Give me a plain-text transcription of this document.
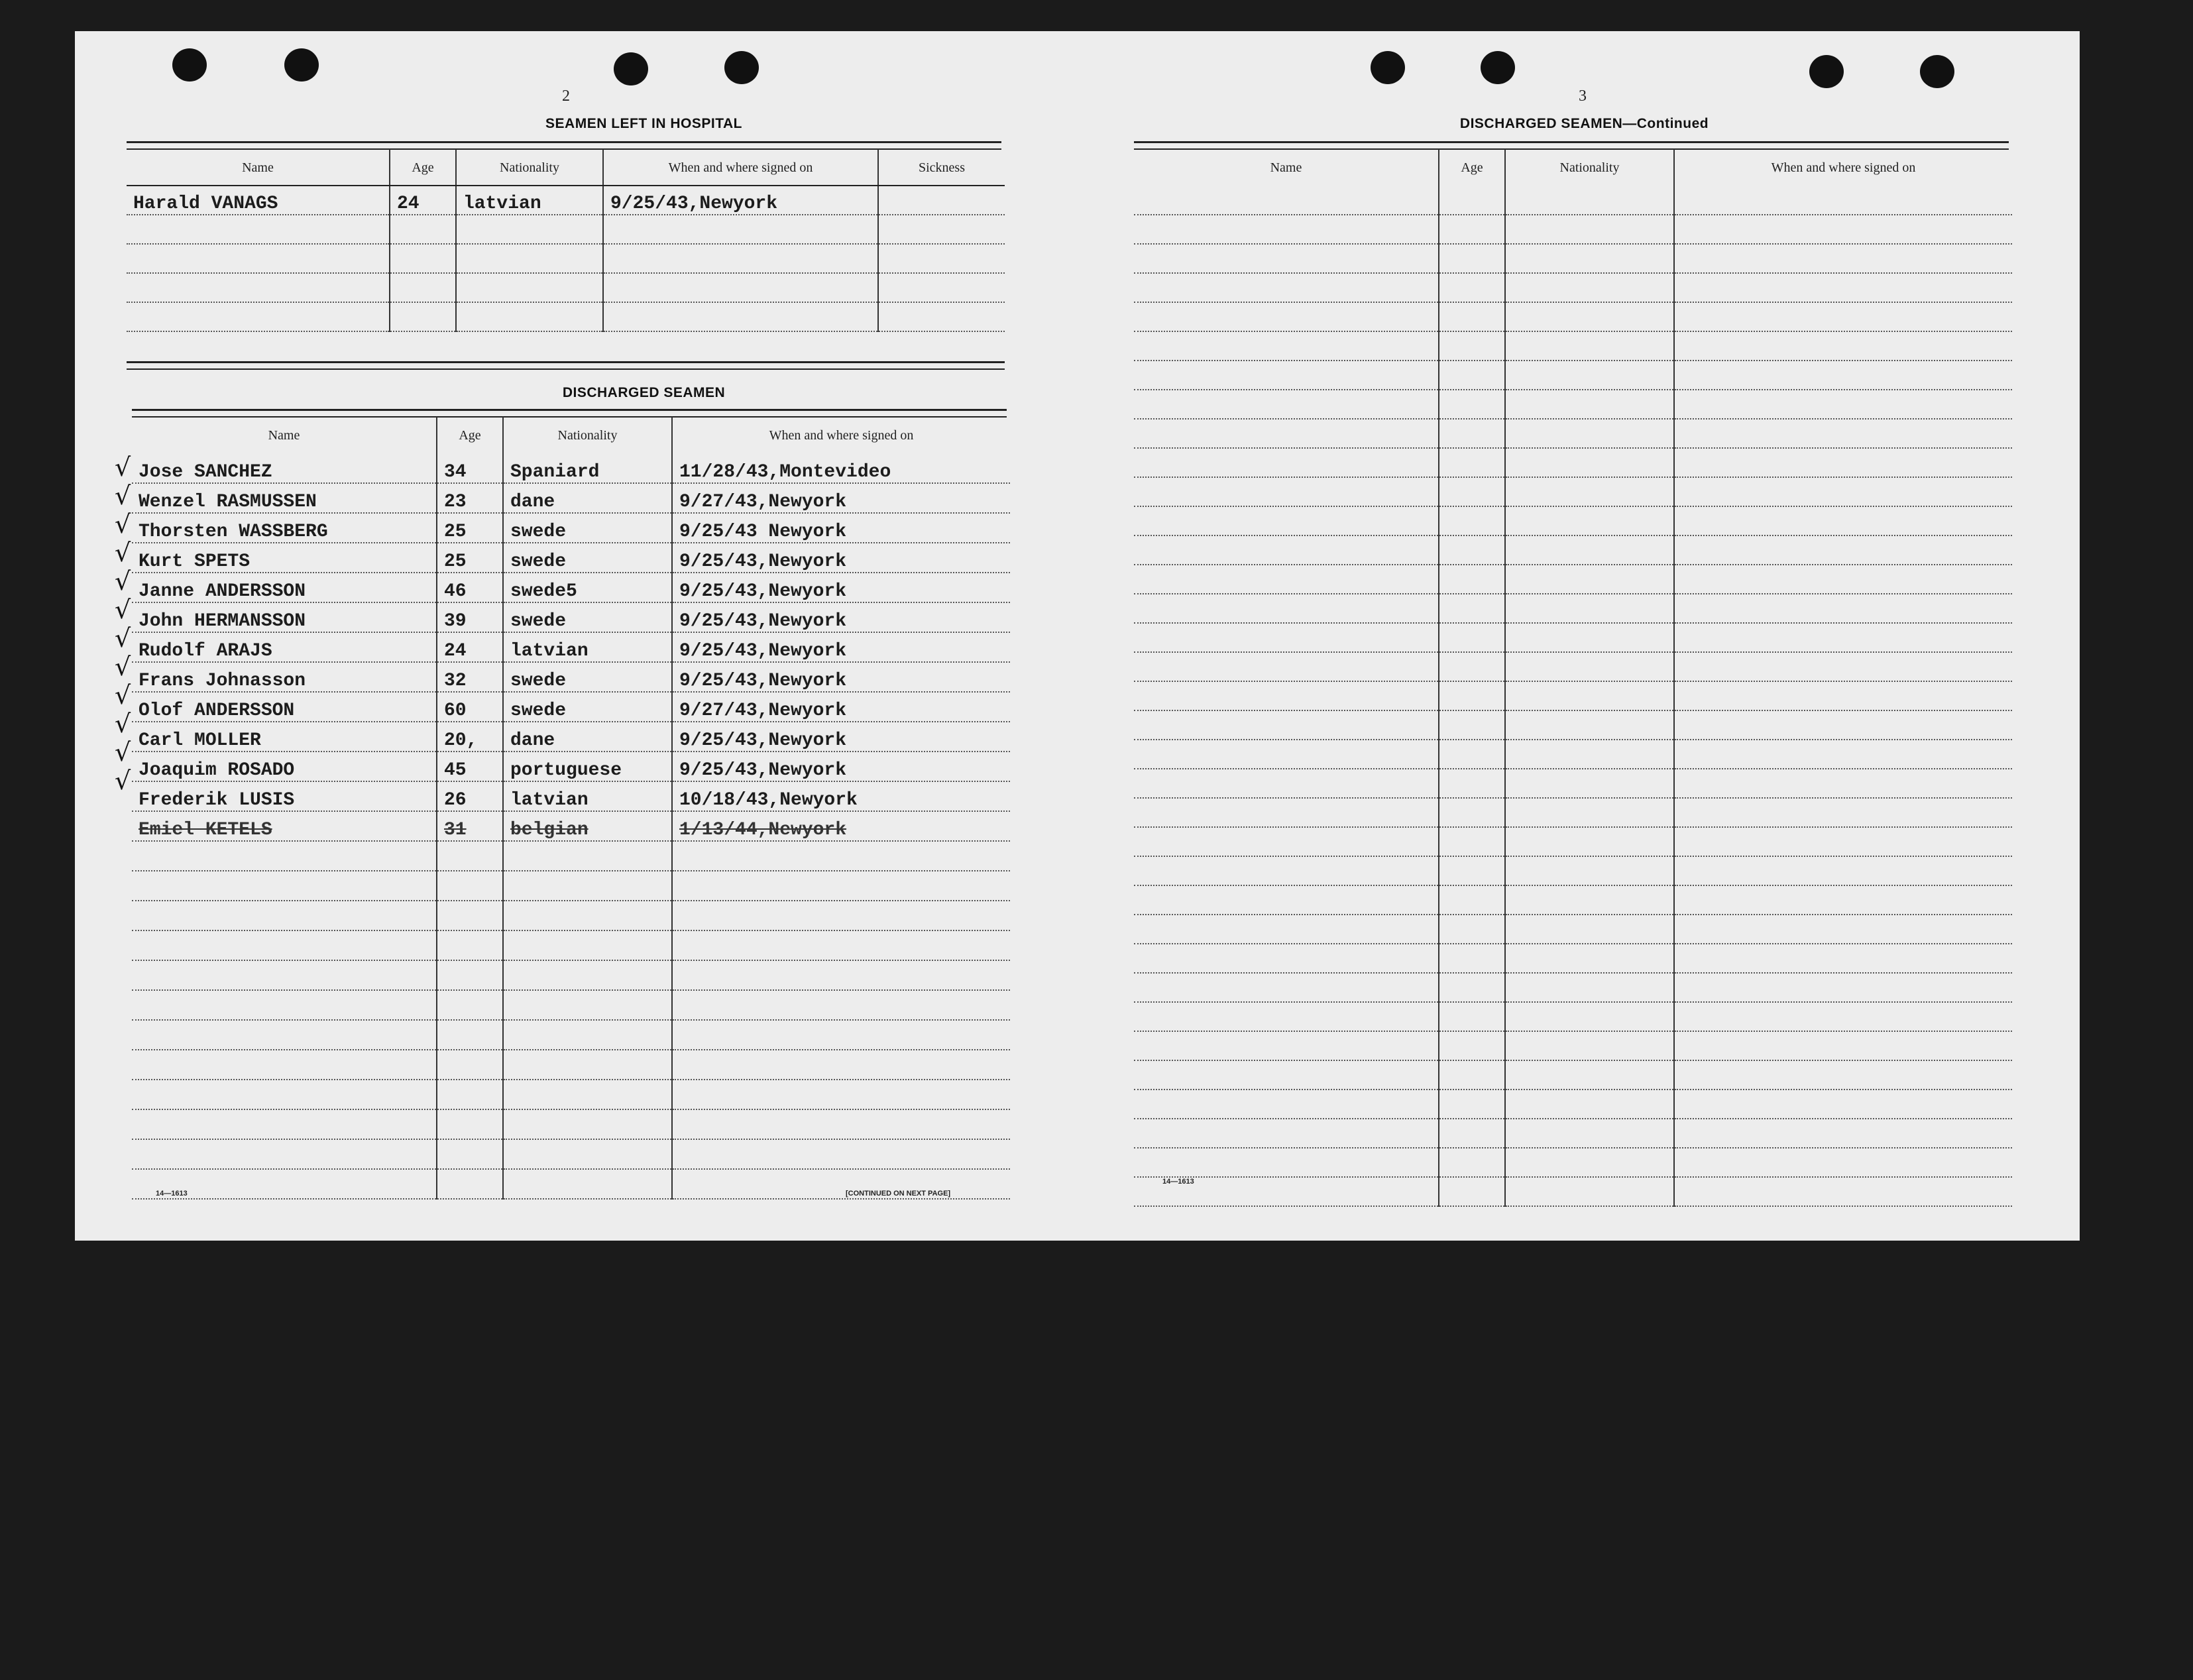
2
SEAMEN LEFT IN HOSPITAL
Name	Age	Nationality	When and where signed on	Sickness
Harald VANAGS	24	latvian	9/25/43,Newyork	

DISCHARGED SEAMEN
Name	Age	Nationality	When and where signed on
Jose SANCHEZ	34	Spaniard	11/28/43,Montevideo
Wenzel RASMUSSEN	23	dane	9/27/43,Newyork
Thorsten WASSBERG	25	swede	9/25/43 Newyork
Kurt SPETS	25	swede	9/25/43,Newyork
Janne ANDERSSON	46	swede5	9/25/43,Newyork
John HERMANSSON	39	swede	9/25/43,Newyork
Rudolf ARAJS	24	latvian	9/25/43,Newyork
Frans Johnasson	32	swede	9/25/43,Newyork
Olof ANDERSSON	60	swede	9/27/43,Newyork
Carl MOLLER	20,	dane	9/25/43,Newyork
Joaquim ROSADO	45	portuguese	9/25/43,Newyork
Frederik LUSIS	26	latvian	10/18/43,Newyork
Emiel KETELS	31	belgian	1/13/44,Newyork

14—1613	[CONTINUED ON NEXT PAGE]
3
DISCHARGED SEAMEN—Continued
Name	Age	Nationality	When and where signed on

14—1613
√
√
√
√
√
√
√
√
√
√
√
√
